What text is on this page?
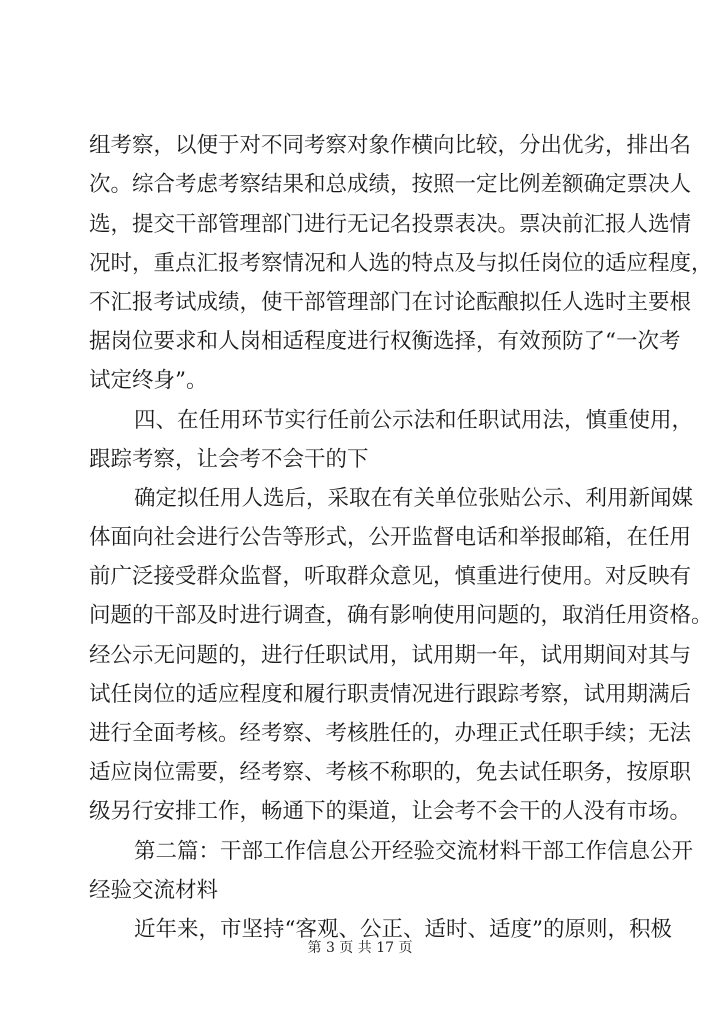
组考察，以便于对不同考察对象作横向比较，分出优劣，排出名
次。综合考虑考察结果和总成绩，按照一定比例差额确定票决人
选，提交干部管理部门进行无记名投票表决。票决前汇报人选情
况时，重点汇报考察情况和人选的特点及与拟任岗位的适应程度，
不汇报考试成绩，使干部管理部门在讨论酝酿拟任人选时主要根
据岗位要求和人岗相适程度进行权衡选择，有效预防了“一次考
试定终身”。
四、在任用环节实行任前公示法和任职试用法，慎重使用，
跟踪考察，让会考不会干的下
确定拟任用人选后，采取在有关单位张贴公示、利用新闻媒
体面向社会进行公告等形式，公开监督电话和举报邮箱，在任用
前广泛接受群众监督，听取群众意见，慎重进行使用。对反映有
问题的干部及时进行调查，确有影响使用问题的，取消任用资格。
经公示无问题的，进行任职试用，试用期一年，试用期间对其与
试任岗位的适应程度和履行职责情况进行跟踪考察，试用期满后
进行全面考核。经考察、考核胜任的，办理正式任职手续；无法
适应岗位需要，经考察、考核不称职的，免去试任职务，按原职
级另行安排工作，畅通下的渠道，让会考不会干的人没有市场。
第二篇：干部工作信息公开经验交流材料干部工作信息公开
经验交流材料
近年来，市坚持“客观、公正、适时、适度”的原则，积极
第 3 页 共 17 页
